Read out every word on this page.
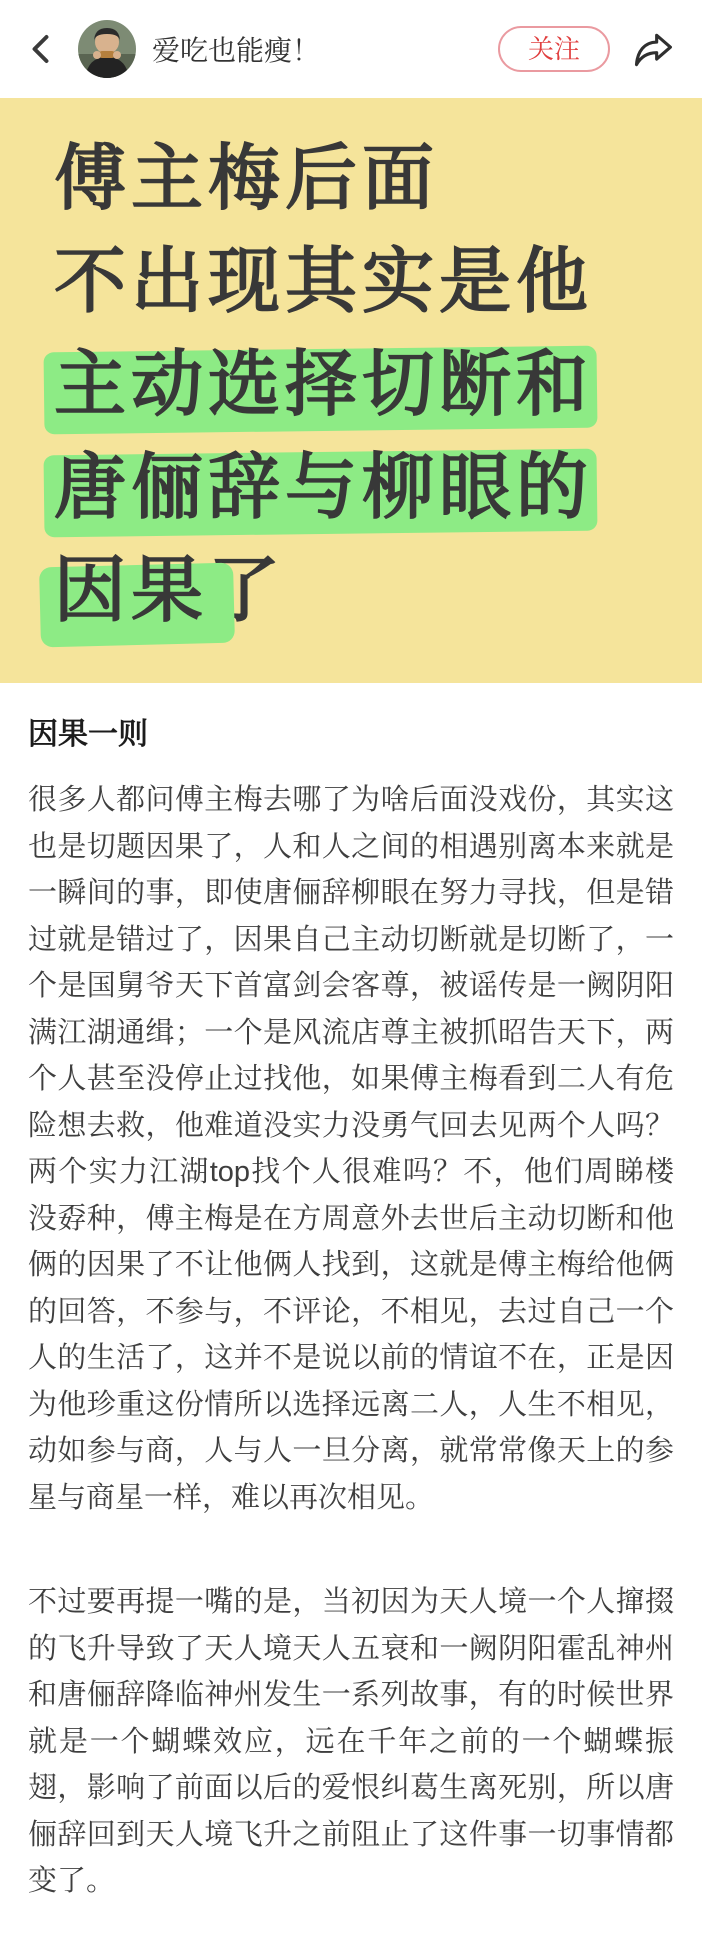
爱吃也能瘦！	关注
傅主梅后面
不出现其实是他
主动选择切断和
唐俪辞与柳眼的
因果了
因果一则

很多人都问傅主梅去哪了为啥后面没戏份，其实这也是切题因果了，人和人之间的相遇别离本来就是一瞬间的事，即使唐俪辞柳眼在努力寻找，但是错过就是错过了，因果自己主动切断就是切断了，一个是国舅爷天下首富剑会客尊，被谣传是一阙阴阳满江湖通缉；一个是风流店尊主被抓昭告天下，两个人甚至没停止过找他，如果傅主梅看到二人有危险想去救，他难道没实力没勇气回去见两个人吗？两个实力江湖top找个人很难吗？不，他们周睇楼没孬种，傅主梅是在方周意外去世后主动切断和他俩的因果了不让他俩人找到，这就是傅主梅给他俩的回答，不参与，不评论，不相见，去过自己一个人的生活了，这并不是说以前的情谊不在，正是因为他珍重这份情所以选择远离二人，人生不相见，动如参与商，人与人一旦分离，就常常像天上的参星与商星一样，难以再次相见。

不过要再提一嘴的是，当初因为天人境一个人撺掇的飞升导致了天人境天人五衰和一阙阴阳霍乱神州和唐俪辞降临神州发生一系列故事，有的时候世界就是一个蝴蝶效应，远在千年之前的一个蝴蝶振翅，影响了前面以后的爱恨纠葛生离死别，所以唐俪辞回到天人境飞升之前阻止了这件事一切事情都变了。
